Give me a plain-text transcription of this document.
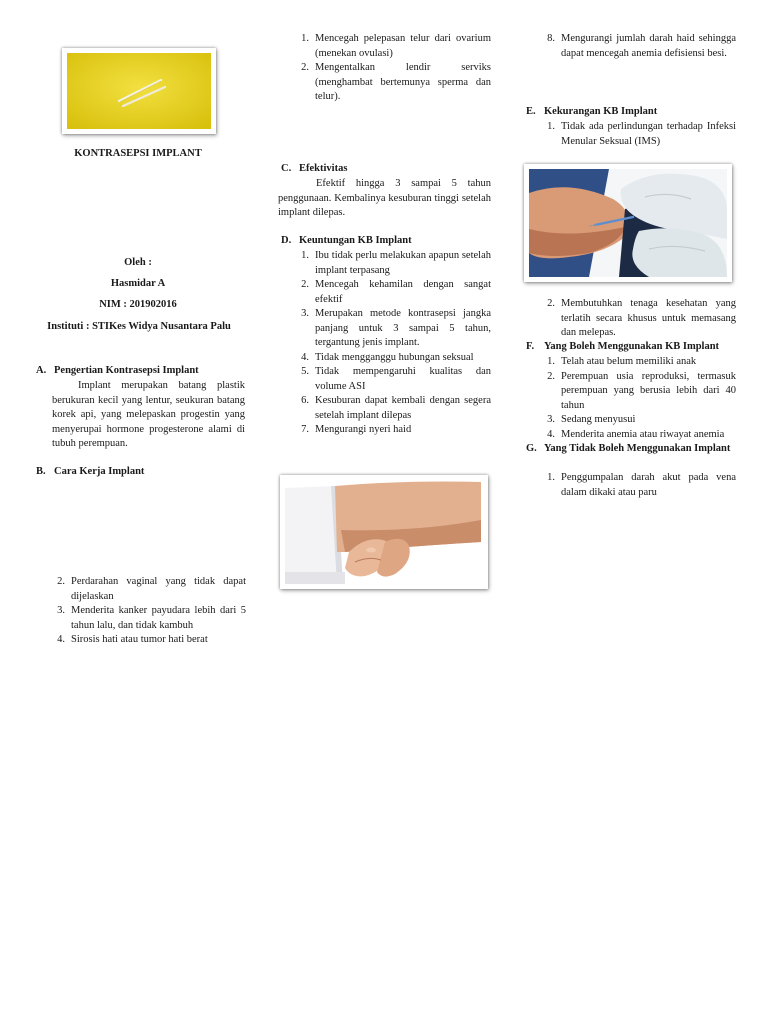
KONTRASEPSI IMPLANT
Oleh :
Hasmidar A
NIM : 201902016
Instituti : STIKes Widya Nusantara Palu
A. Pengertian Kontrasepsi Implant
Implant merupakan batang plastik berukuran kecil yang lentur, seukuran batang korek api, yang melepaskan progestin yang menyerupai hormone progesterone alami di tubuh perempuan.
B. Cara Kerja Implant
2. Perdarahan vaginal yang tidak dapat dijelaskan
3. Menderita kanker payudara lebih dari 5 tahun lalu, dan tidak kambuh
4. Sirosis hati atau tumor hati berat
1. Mencegah pelepasan telur dari ovarium (menekan ovulasi)
2. Mengentalkan lendir serviks (menghambat bertemunya sperma dan telur).
C. Efektivitas
Efektif hingga 3 sampai 5 tahun penggunaan. Kembalinya kesuburan tinggi setelah implant dilepas.
D. Keuntungan KB Implant
1. Ibu tidak perlu melakukan apapun setelah implant terpasang
2. Mencegah kehamilan dengan sangat efektif
3. Merupakan metode kontrasepsi jangka panjang untuk 3 sampai 5 tahun, tergantung jenis implant.
4. Tidak mengganggu hubungan seksual
5. Tidak mempengaruhi kualitas dan volume ASI
6. Kesuburan dapat kembali dengan segera setelah implant dilepas
7. Mengurangi nyeri haid
8. Mengurangi jumlah darah haid sehingga dapat mencegah anemia defisiensi besi.
E. Kekurangan KB Implant
1. Tidak ada perlindungan terhadap Infeksi Menular Seksual (IMS)
2. Membutuhkan tenaga kesehatan yang terlatih secara khusus untuk memasang dan melepas.
F. Yang Boleh Menggunakan KB Implant
1. Telah atau belum memiliki anak
2. Perempuan usia reproduksi, termasuk perempuan yang berusia lebih dari 40 tahun
3. Sedang menyusui
4. Menderita anemia atau riwayat anemia
G. Yang Tidak Boleh Menggunakan Implant
1. Penggumpalan darah akut pada vena dalam dikaki atau paru
